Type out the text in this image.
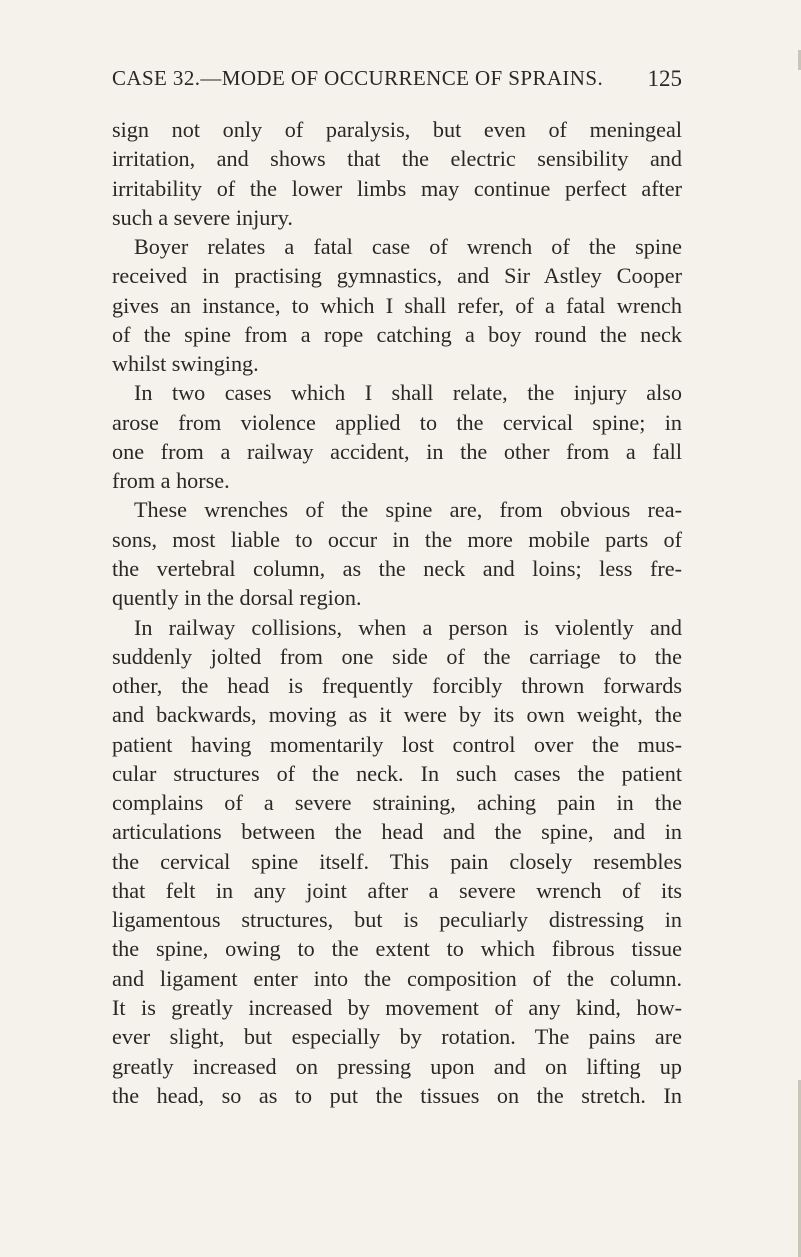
CASE 32.—MODE OF OCCURRENCE OF SPRAINS. 125
sign not only of paralysis, but even of meningeal
irritation, and shows that the electric sensibility and
irritability of the lower limbs may continue perfect after
such a severe injury.
Boyer relates a fatal case of wrench of the spine
received in practising gymnastics, and Sir Astley Cooper
gives an instance, to which I shall refer, of a fatal wrench
of the spine from a rope catching a boy round the neck
whilst swinging.
In two cases which I shall relate, the injury also
arose from violence applied to the cervical spine; in
one from a railway accident, in the other from a fall
from a horse.
These wrenches of the spine are, from obvious rea-
sons, most liable to occur in the more mobile parts of
the vertebral column, as the neck and loins; less fre-
quently in the dorsal region.
In railway collisions, when a person is violently and
suddenly jolted from one side of the carriage to the
other, the head is frequently forcibly thrown forwards
and backwards, moving as it were by its own weight, the
patient having momentarily lost control over the mus-
cular structures of the neck. In such cases the patient
complains of a severe straining, aching pain in the
articulations between the head and the spine, and in
the cervical spine itself. This pain closely resembles
that felt in any joint after a severe wrench of its
ligamentous structures, but is peculiarly distressing in
the spine, owing to the extent to which fibrous tissue
and ligament enter into the composition of the column.
It is greatly increased by movement of any kind, how-
ever slight, but especially by rotation. The pains are
greatly increased on pressing upon and on lifting up
the head, so as to put the tissues on the stretch. In
